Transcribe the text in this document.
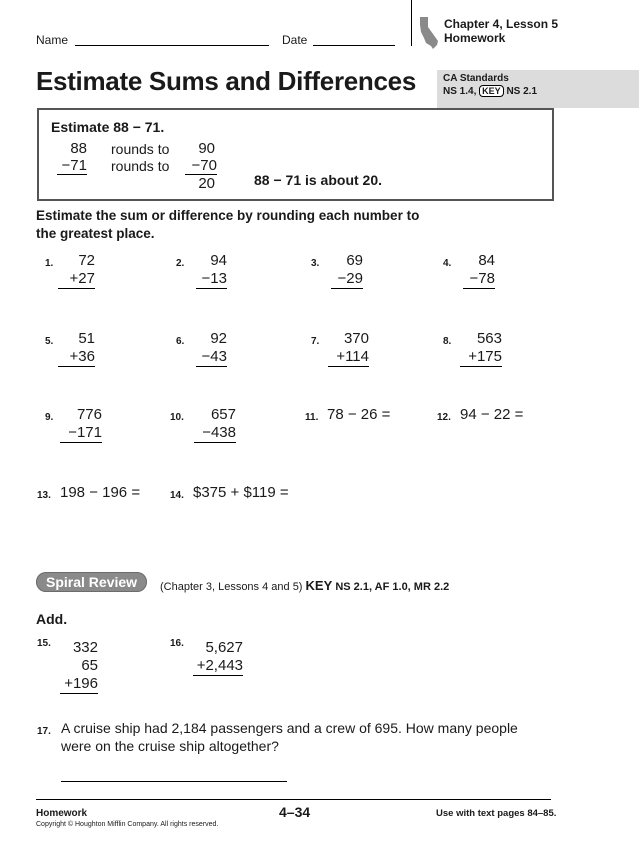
Name	Date
Chapter 4, Lesson 5
Homework
Estimate Sums and Differences	CA Standards
NS 1.4, KEY NS 2.1
Estimate 88 − 71.
88 rounds to	90
−71 rounds to	−70
20	88 − 71 is about 20.
Estimate the sum or difference by rounding each number to the greatest place.
1.	72
+27
2.	94
−13
3.	69
−29
4.	84
−78
5.	51
+36
6.	92
−43
7.	370
+114
8.	563
+175
9.	776
−171
10.	657
−438
11. 78 − 26 =	12. 94 − 22 =
13. 198 − 196 =	14. $375 + $119 =
Spiral Review	(Chapter 3, Lessons 4 and 5) KEY NS 2.1, AF 1.0, MR 2.2
Add.
15.	332
65
+196
16.	5,627
+2,443
17. A cruise ship had 2,184 passengers and a crew of 695. How many people
were on the cruise ship altogether?
Homework
Copyright © Houghton Mifflin Company. All rights reserved.
4–34	Use with text pages 84–85.
